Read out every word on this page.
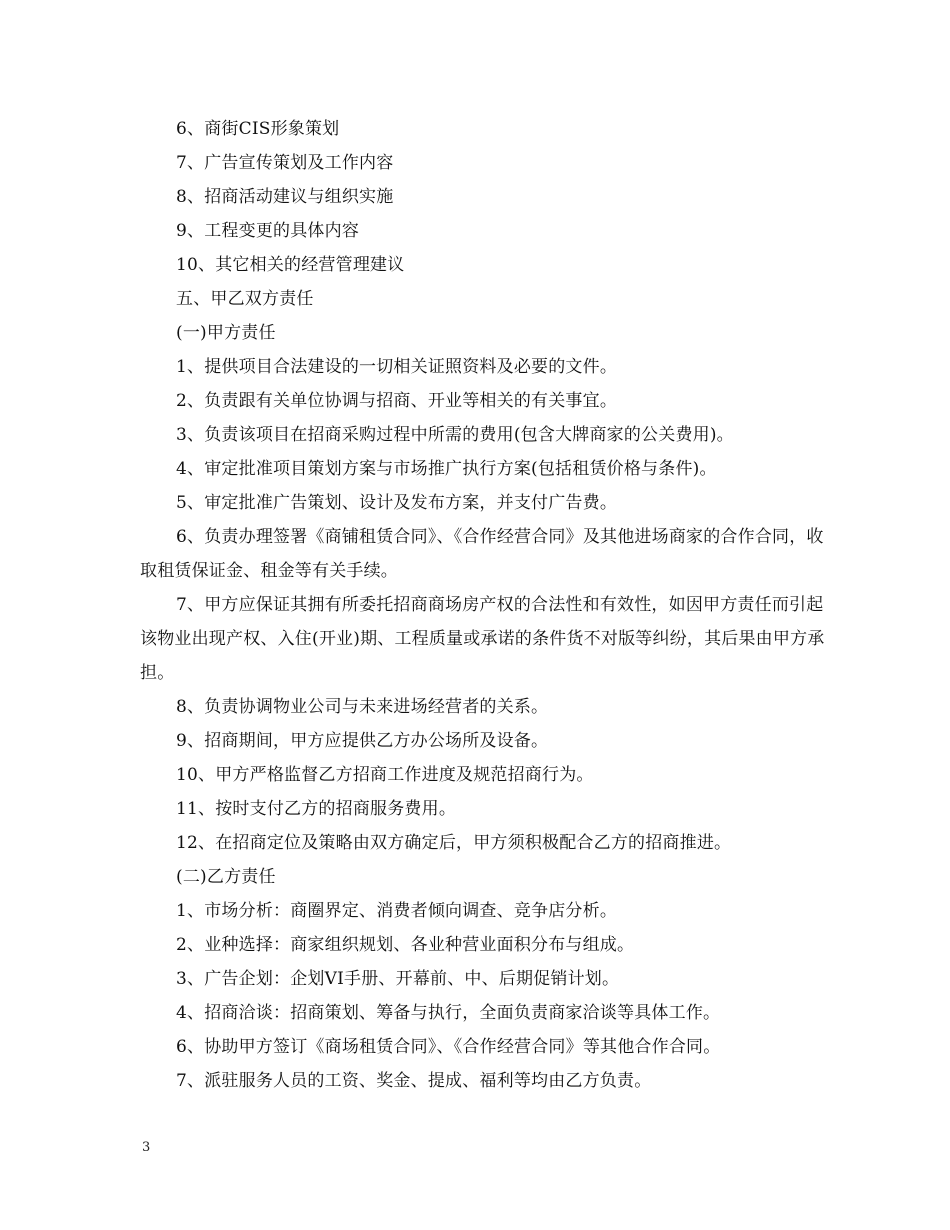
6、商街CIS形象策划

7、广告宣传策划及工作内容

8、招商活动建议与组织实施

9、工程变更的具体内容

10、其它相关的经营管理建议

五、甲乙双方责任

(一)甲方责任

1、提供项目合法建设的一切相关证照资料及必要的文件。

2、负责跟有关单位协调与招商、开业等相关的有关事宜。

3、负责该项目在招商采购过程中所需的费用(包含大牌商家的公关费用)。

4、审定批准项目策划方案与市场推广执行方案(包括租赁价格与条件)。

5、审定批准广告策划、设计及发布方案，并支付广告费。

6、负责办理签署《商铺租赁合同》、《合作经营合同》及其他进场商家的合作合同，收取租赁保证金、租金等有关手续。

7、甲方应保证其拥有所委托招商商场房产权的合法性和有效性，如因甲方责任而引起该物业出现产权、入住(开业)期、工程质量或承诺的条件货不对版等纠纷，其后果由甲方承担。

8、负责协调物业公司与未来进场经营者的关系。

9、招商期间，甲方应提供乙方办公场所及设备。

10、甲方严格监督乙方招商工作进度及规范招商行为。

11、按时支付乙方的招商服务费用。

12、在招商定位及策略由双方确定后，甲方须积极配合乙方的招商推进。

(二)乙方责任

1、市场分析：商圈界定、消费者倾向调查、竞争店分析。

2、业种选择：商家组织规划、各业种营业面积分布与组成。

3、广告企划：企划VI手册、开幕前、中、后期促销计划。

4、招商洽谈：招商策划、筹备与执行，全面负责商家洽谈等具体工作。

6、协助甲方签订《商场租赁合同》、《合作经营合同》等其他合作合同。

7、派驻服务人员的工资、奖金、提成、福利等均由乙方负责。

3
